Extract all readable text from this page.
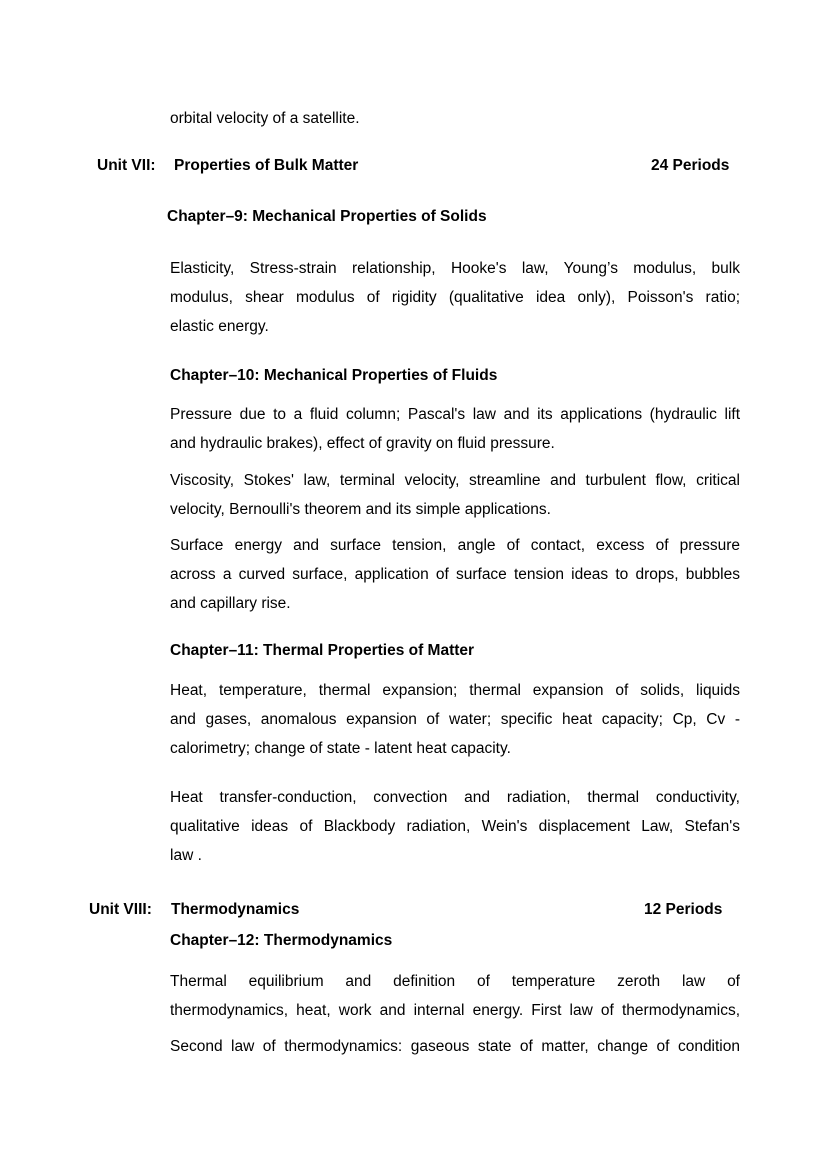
orbital velocity of a satellite.
Unit VII: Properties of Bulk Matter	24 Periods
Chapter–9: Mechanical Properties of Solids
Elasticity, Stress-strain relationship, Hooke's law, Young’s modulus, bulk
modulus, shear modulus of rigidity (qualitative idea only), Poisson's ratio;
elastic energy.
Chapter–10: Mechanical Properties of Fluids
Pressure due to a fluid column; Pascal's law and its applications (hydraulic lift
and hydraulic brakes), effect of gravity on fluid pressure.
Viscosity, Stokes' law, terminal velocity, streamline and turbulent flow, critical
velocity, Bernoulli's theorem and its simple applications.
Surface energy and surface tension, angle of contact, excess of pressure
across a curved surface, application of surface tension ideas to drops, bubbles
and capillary rise.
Chapter–11: Thermal Properties of Matter
Heat, temperature, thermal expansion; thermal expansion of solids, liquids
and gases, anomalous expansion of water; specific heat capacity; Cp, Cv -
calorimetry; change of state - latent heat capacity.
Heat transfer-conduction, convection and radiation, thermal conductivity,
qualitative ideas of Blackbody radiation, Wein's displacement Law, Stefan's
law .
Unit VIII: Thermodynamics	12 Periods
Chapter–12: Thermodynamics
Thermal equilibrium and definition of temperature zeroth law of
thermodynamics, heat, work and internal energy. First law of thermodynamics,
Second law of thermodynamics: gaseous state of matter, change of condition
